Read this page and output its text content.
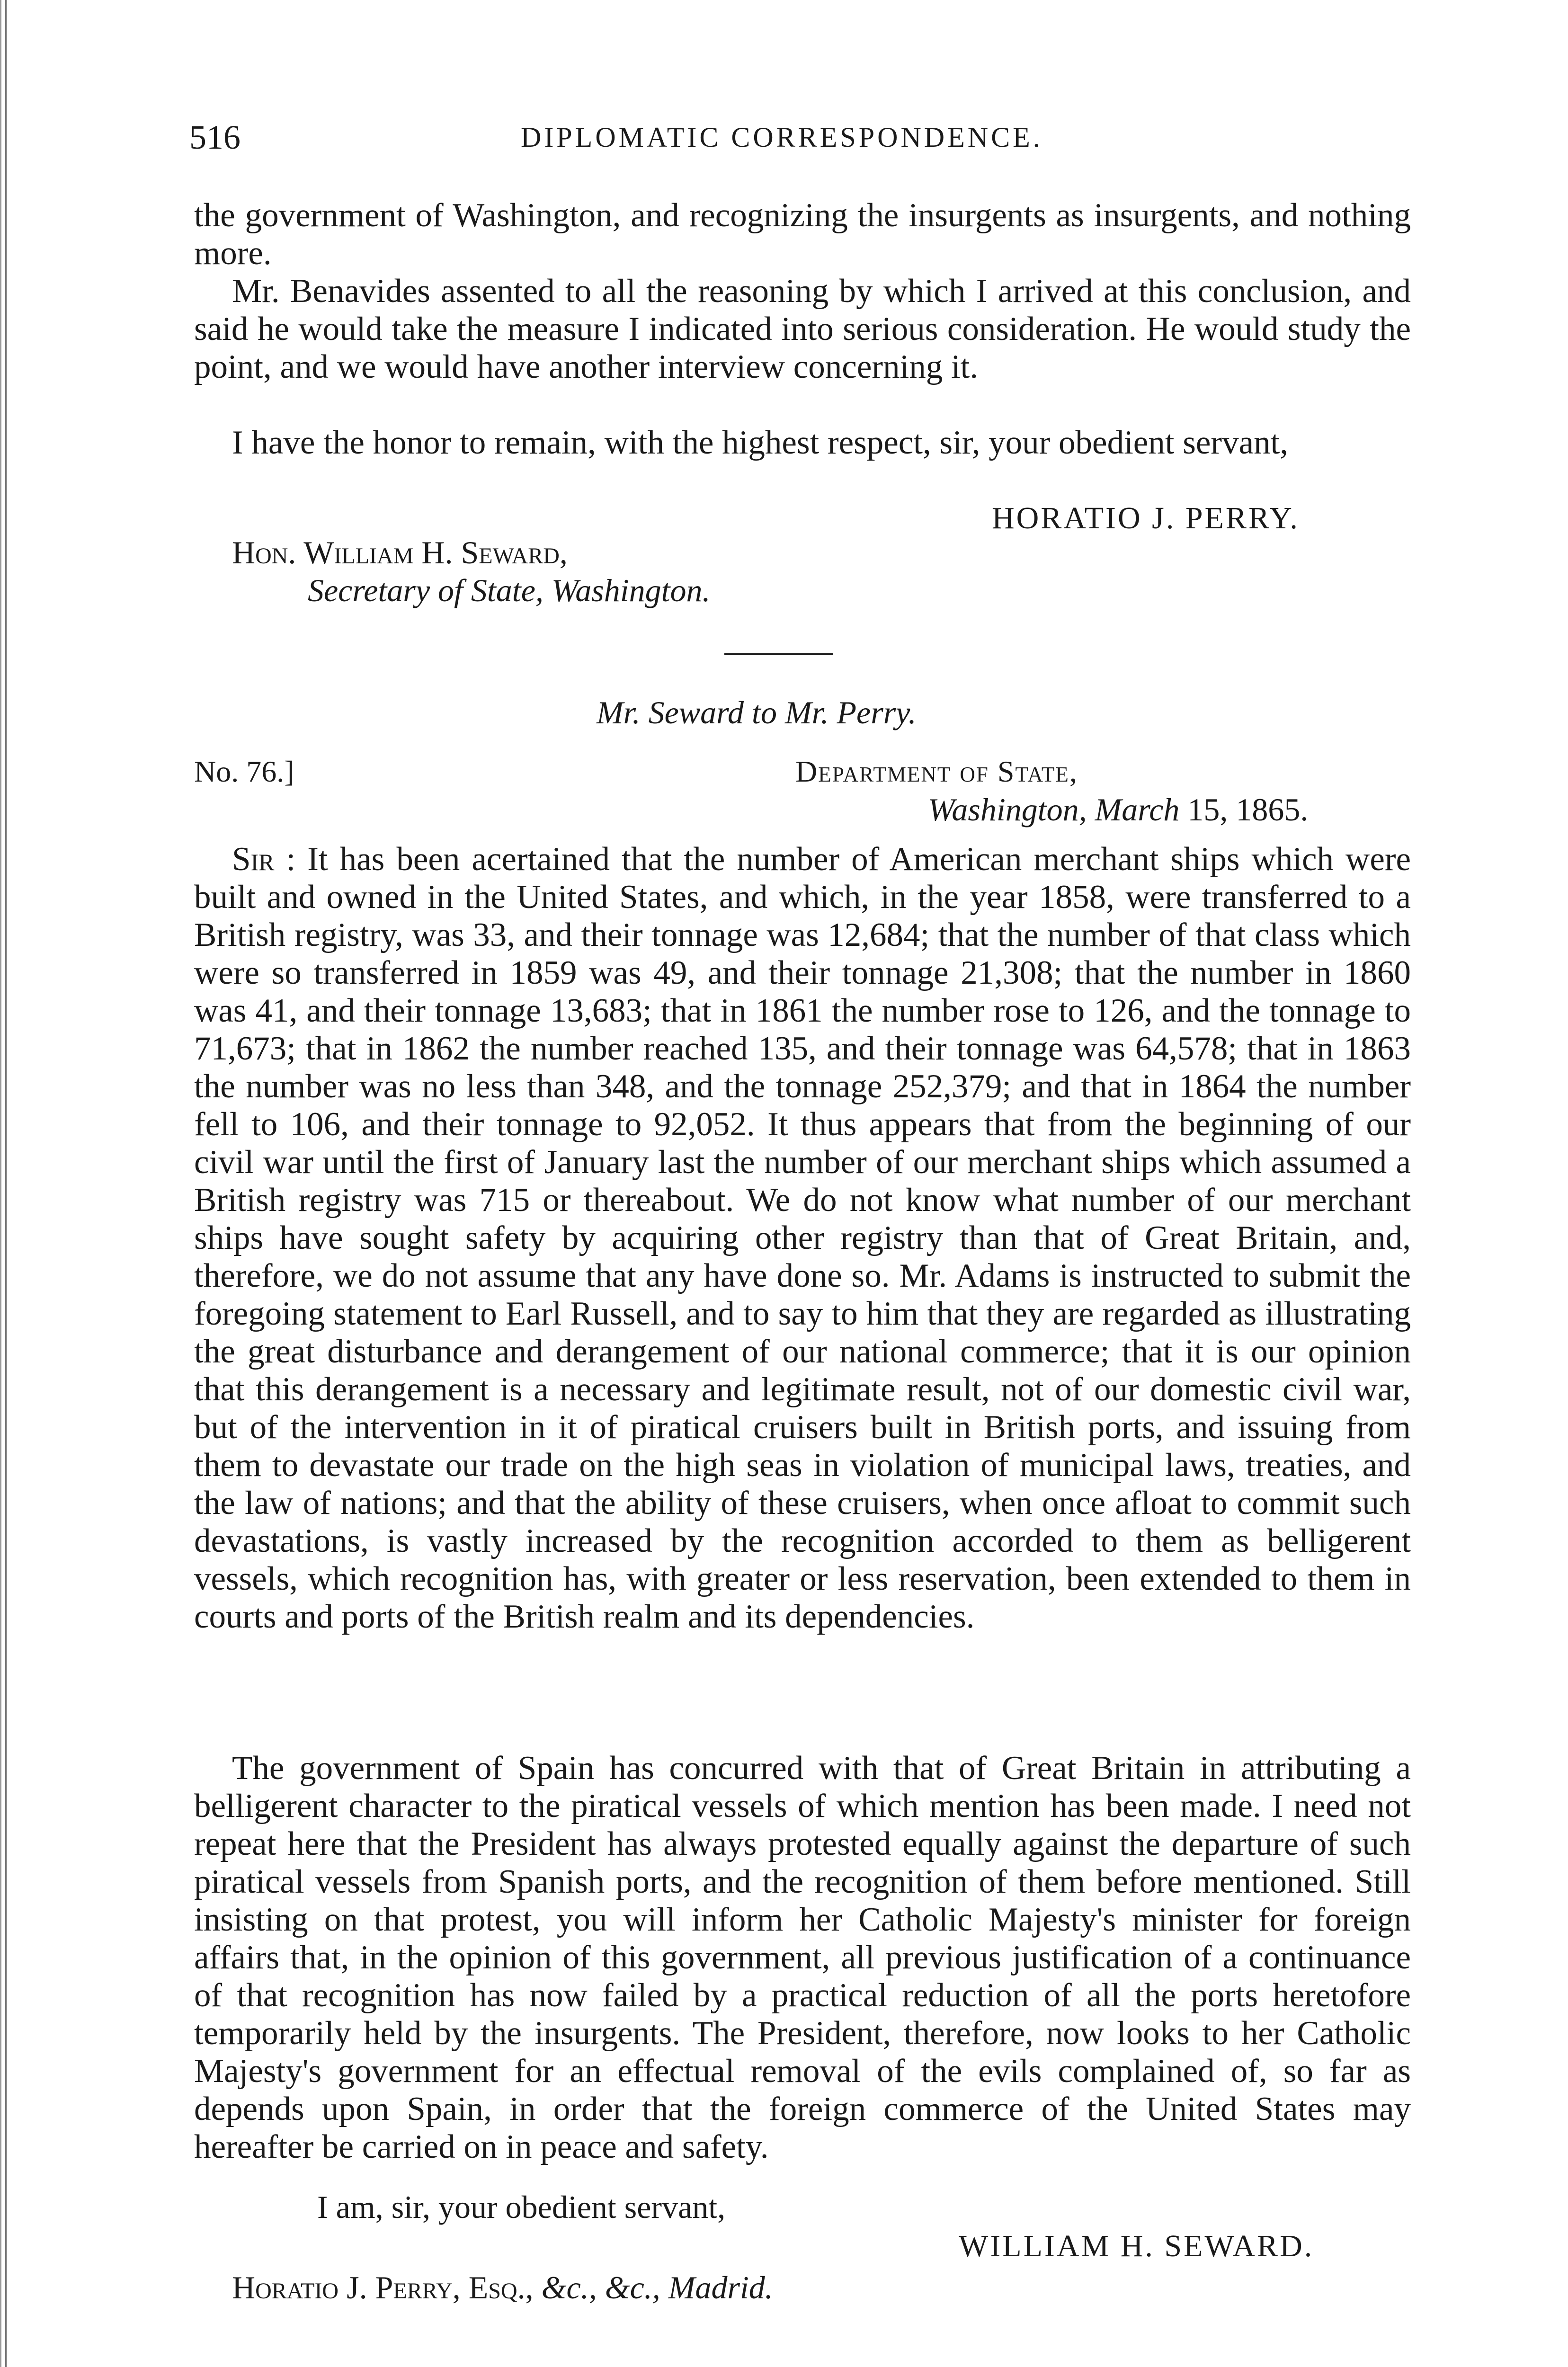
516	DIPLOMATIC CORRESPONDENCE.

the government of Washington, and recognizing the insurgents as insurgents, and nothing more.

Mr. Benavides assented to all the reasoning by which I arrived at this conclusion, and said he would take the measure I indicated into serious consideration. He would study the point, and we would have another interview concerning it.

I have the honor to remain, with the highest respect, sir, your obedient servant,

HORATIO J. PERRY.
Hon. William H. Seward,
Secretary of State, Washington.
Mr. Seward to Mr. Perry.
No. 76.]	Department of State,
Washington, March 15, 1865.
Sir : It has been acertained that the number of American merchant ships which were built and owned in the United States, and which, in the year 1858, were transferred to a British registry, was 33, and their tonnage was 12,684; that the number of that class which were so transferred in 1859 was 49, and their tonnage 21,308; that the number in 1860 was 41, and their tonnage 13,683; that in 1861 the number rose to 126, and the tonnage to 71,673; that in 1862 the number reached 135, and their tonnage was 64,578; that in 1863 the number was no less than 348, and the tonnage 252,379; and that in 1864 the number fell to 106, and their tonnage to 92,052. It thus appears that from the beginning of our civil war until the first of January last the number of our merchant ships which assumed a British registry was 715 or thereabout. We do not know what number of our merchant ships have sought safety by acquiring other registry than that of Great Britain, and, therefore, we do not assume that any have done so. Mr. Adams is instructed to submit the foregoing statement to Earl Russell, and to say to him that they are regarded as illustrating the great disturbance and derangement of our national commerce; that it is our opinion that this derangement is a necessary and legitimate result, not of our domestic civil war, but of the intervention in it of piratical cruisers built in British ports, and issuing from them to devastate our trade on the high seas in violation of municipal laws, treaties, and the law of nations; and that the ability of these cruisers, when once afloat to commit such devastations, is vastly increased by the recognition accorded to them as belligerent vessels, which recognition has, with greater or less reservation, been extended to them in courts and ports of the British realm and its dependencies.

The government of Spain has concurred with that of Great Britain in attributing a belligerent character to the piratical vessels of which mention has been made. I need not repeat here that the President has always protested equally against the departure of such piratical vessels from Spanish ports, and the recognition of them before mentioned. Still insisting on that protest, you will inform her Catholic Majesty's minister for foreign affairs that, in the opinion of this government, all previous justification of a continuance of that recognition has now failed by a practical reduction of all the ports heretofore temporarily held by the insurgents. The President, therefore, now looks to her Catholic Majesty's government for an effectual removal of the evils complained of, so far as depends upon Spain, in order that the foreign commerce of the United States may hereafter be carried on in peace and safety.

I am, sir, your obedient servant,
WILLIAM H. SEWARD.
Horatio J. Perry, Esq., &c., &c., Madrid.
